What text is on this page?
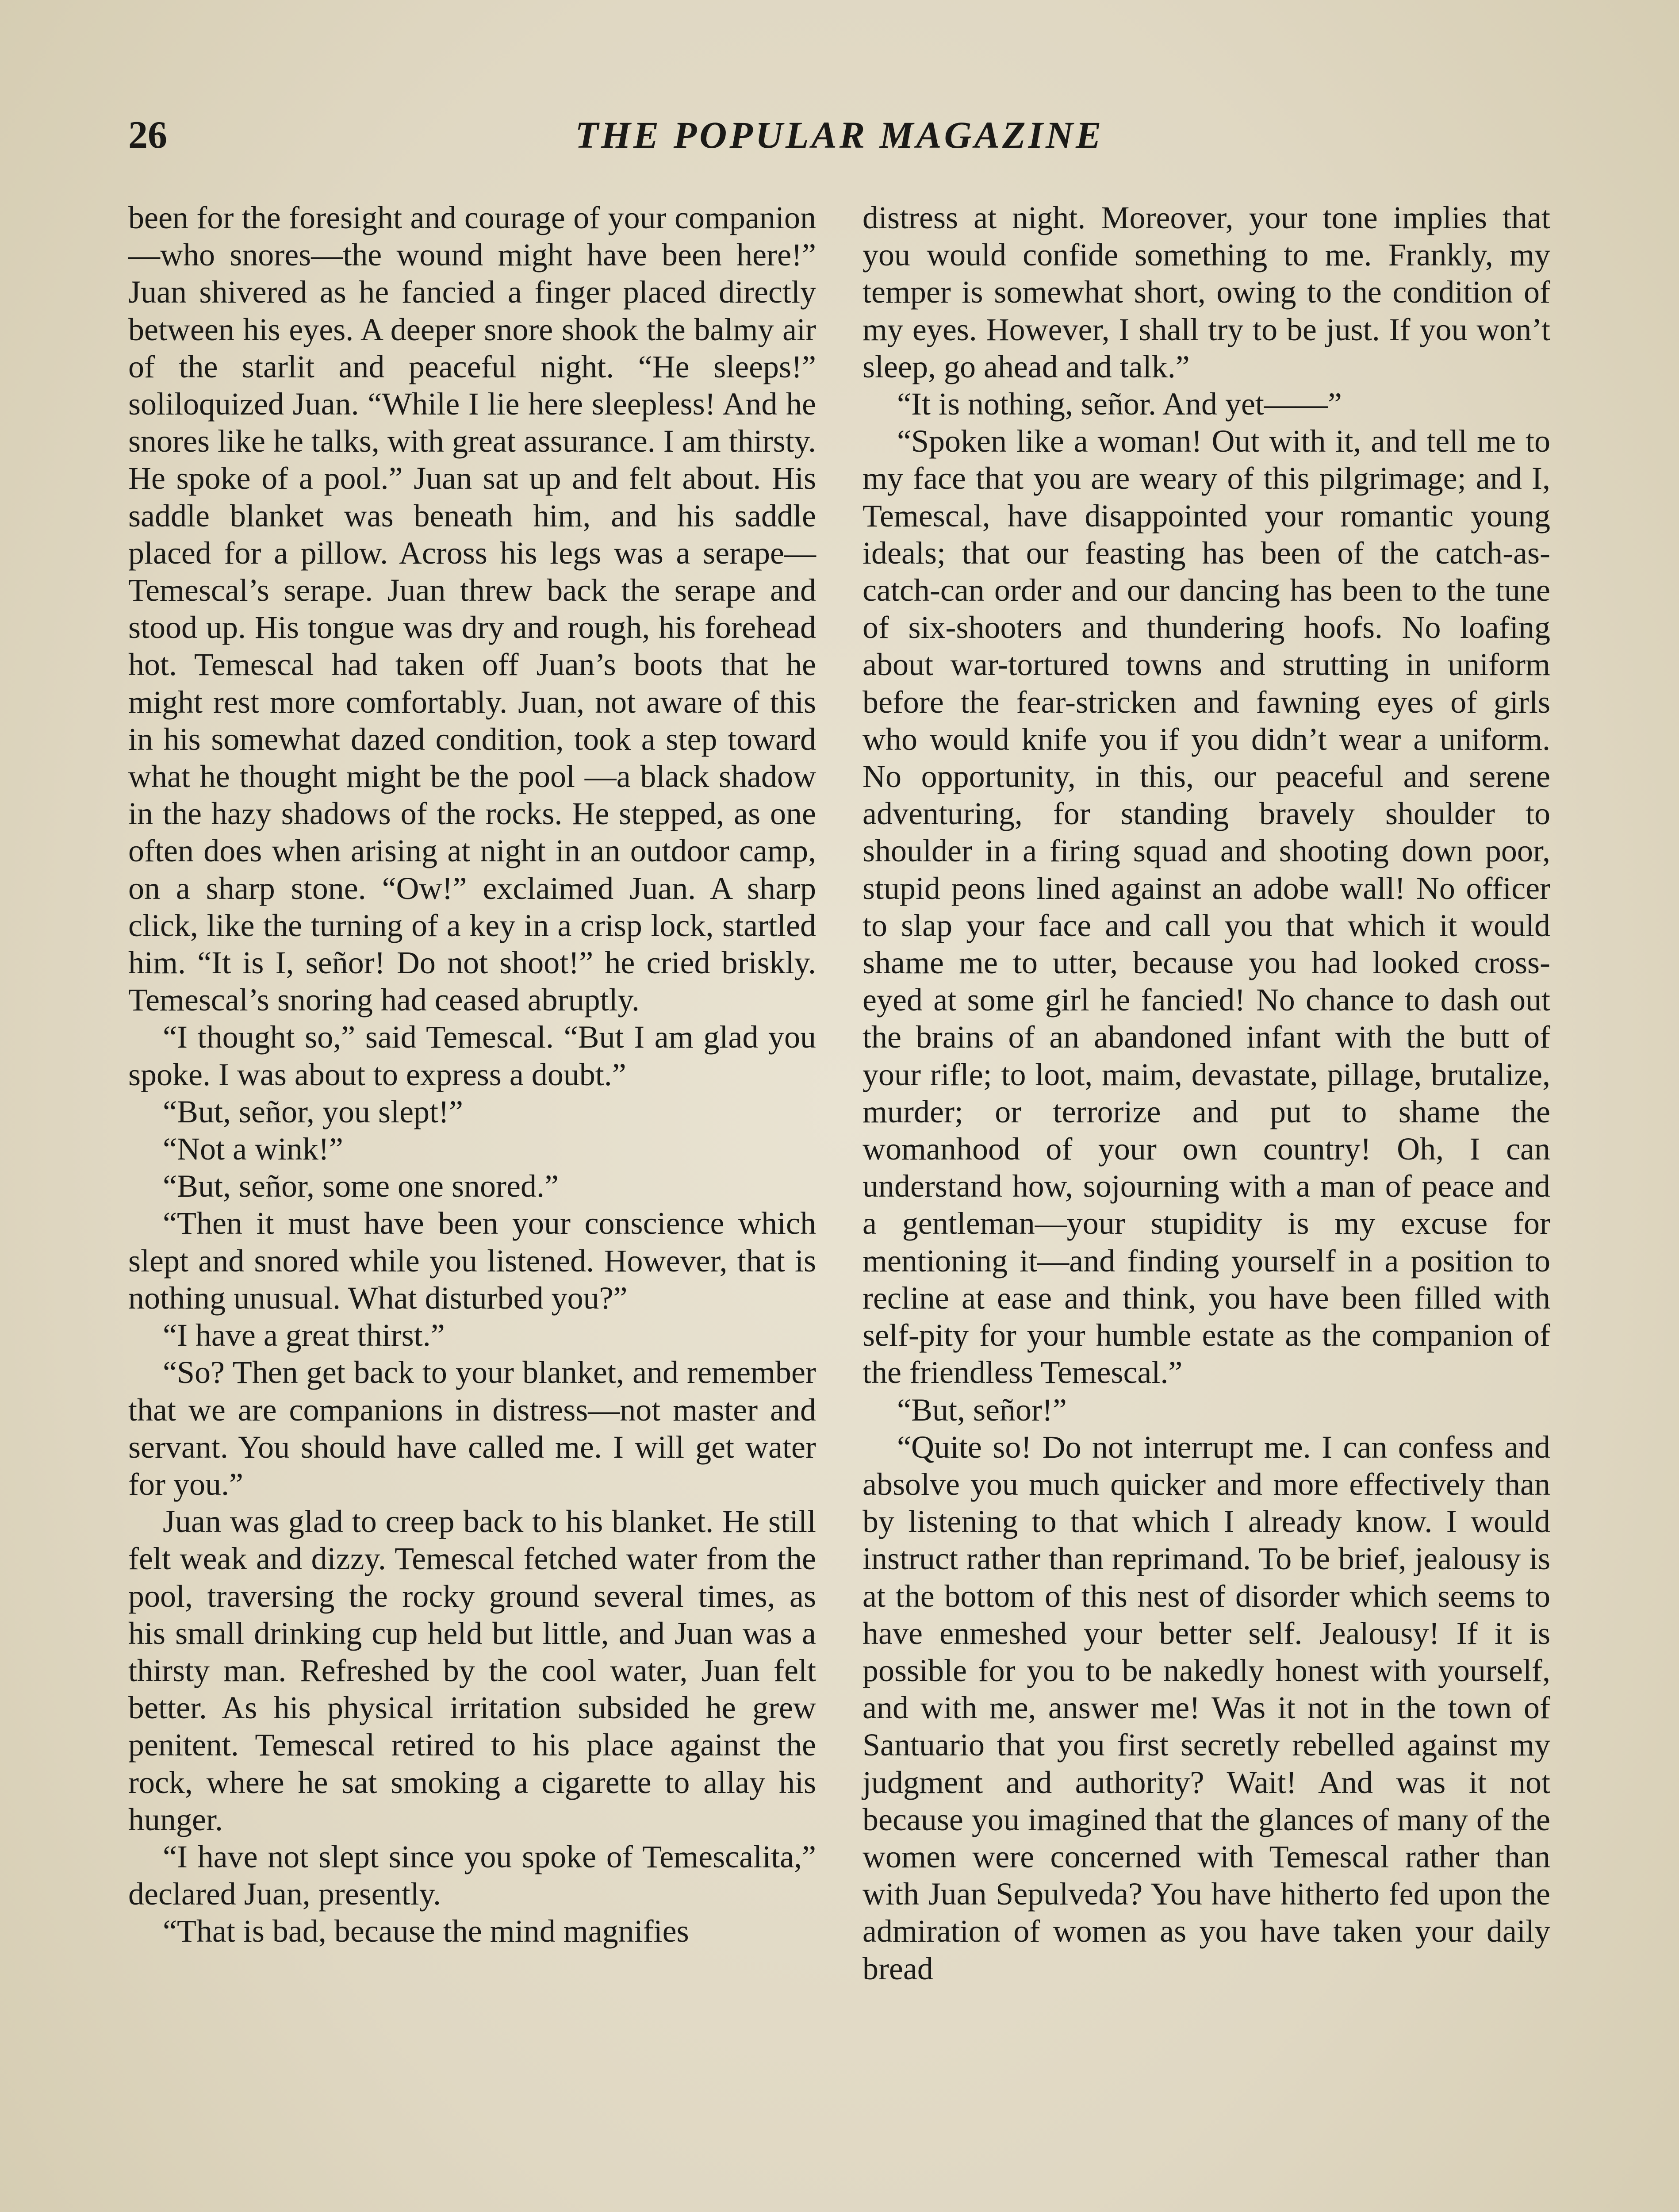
26	THE POPULAR MAGAZINE

been for the foresight and courage of your companion—who snores—the wound might have been here!” Juan shivered as he fancied a finger placed directly between his eyes. A deeper snore shook the balmy air of the starlit and peaceful night. “He sleeps!” soliloquized Juan. “While I lie here sleepless! And he snores like he talks, with great assurance. I am thirsty. He spoke of a pool.” Juan sat up and felt about. His saddle blanket was beneath him, and his saddle placed for a pillow. Across his legs was a serape—Temescal’s serape. Juan threw back the serape and stood up. His tongue was dry and rough, his forehead hot. Temescal had taken off Juan’s boots that he might rest more comfortably. Juan, not aware of this in his somewhat dazed condition, took a step toward what he thought might be the pool —a black shadow in the hazy shadows of the rocks. He stepped, as one often does when arising at night in an outdoor camp, on a sharp stone. “Ow!” exclaimed Juan. A sharp click, like the turning of a key in a crisp lock, startled him. “It is I, señor! Do not shoot!” he cried briskly. Temescal’s snoring had ceased abruptly.

“I thought so,” said Temescal. “But I am glad you spoke. I was about to express a doubt.”

“But, señor, you slept!”

“Not a wink!”

“But, señor, some one snored.”

“Then it must have been your conscience which slept and snored while you listened. However, that is nothing unusual. What disturbed you?”

“I have a great thirst.”

“So? Then get back to your blanket, and remember that we are companions in distress—not master and servant. You should have called me. I will get water for you.”

Juan was glad to creep back to his blanket. He still felt weak and dizzy. Temescal fetched water from the pool, traversing the rocky ground several times, as his small drinking cup held but little, and Juan was a thirsty man. Refreshed by the cool water, Juan felt better. As his physical irritation subsided he grew penitent. Temescal retired to his place against the rock, where he sat smoking a cigarette to allay his hunger.

“I have not slept since you spoke of Temescalita,” declared Juan, presently.

“That is bad, because the mind magnifies

distress at night. Moreover, your tone implies that you would confide something to me. Frankly, my temper is somewhat short, owing to the condition of my eyes. However, I shall try to be just. If you won’t sleep, go ahead and talk.”

“It is nothing, señor. And yet——”

“Spoken like a woman! Out with it, and tell me to my face that you are weary of this pilgrimage; and I, Temescal, have disappointed your romantic young ideals; that our feasting has been of the catch-as-catch-can order and our dancing has been to the tune of six-shooters and thundering hoofs. No loafing about war-tortured towns and strutting in uniform before the fear-stricken and fawning eyes of girls who would knife you if you didn’t wear a uniform. No opportunity, in this, our peaceful and serene adventuring, for standing bravely shoulder to shoulder in a firing squad and shooting down poor, stupid peons lined against an adobe wall! No officer to slap your face and call you that which it would shame me to utter, because you had looked cross-eyed at some girl he fancied! No chance to dash out the brains of an abandoned infant with the butt of your rifle; to loot, maim, devastate, pillage, brutalize, murder; or terrorize and put to shame the womanhood of your own country! Oh, I can understand how, sojourning with a man of peace and a gentleman—your stupidity is my excuse for mentioning it—and finding yourself in a position to recline at ease and think, you have been filled with self-pity for your humble estate as the companion of the friendless Temescal.”

“But, señor!”

“Quite so! Do not interrupt me. I can confess and absolve you much quicker and more effectively than by listening to that which I already know. I would instruct rather than reprimand. To be brief, jealousy is at the bottom of this nest of disorder which seems to have enmeshed your better self. Jealousy! If it is possible for you to be nakedly honest with yourself, and with me, answer me! Was it not in the town of Santuario that you first secretly rebelled against my judgment and authority? Wait! And was it not because you imagined that the glances of many of the women were concerned with Temescal rather than with Juan Sepulveda? You have hitherto fed upon the admiration of women as you have taken your daily bread
